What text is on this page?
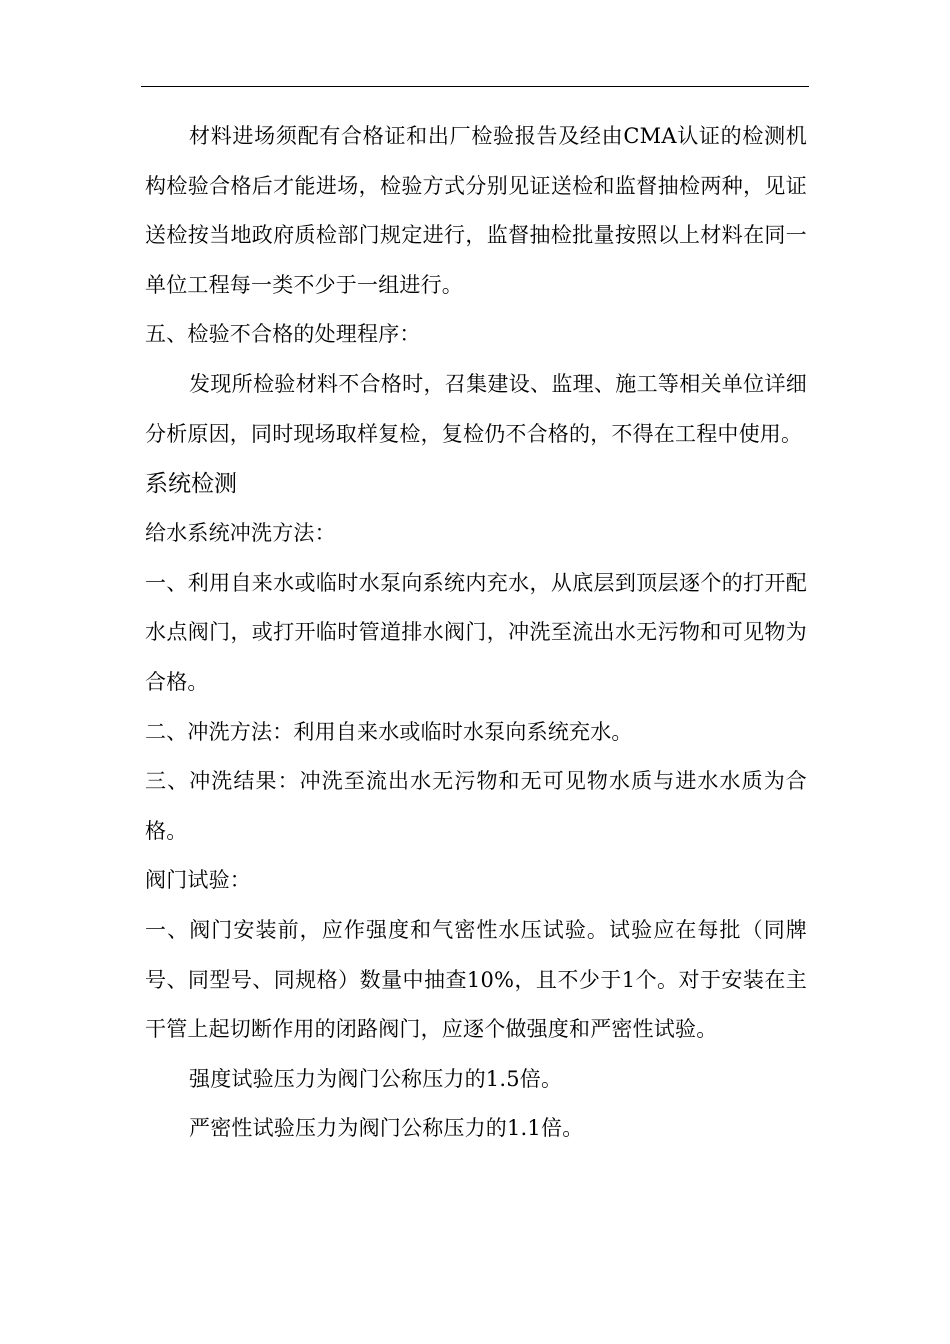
材料进场须配有合格证和出厂检验报告及经由CMA认证的检测机构检验合格后才能进场，检验方式分别见证送检和监督抽检两种，见证送检按当地政府质检部门规定进行，监督抽检批量按照以上材料在同一单位工程每一类不少于一组进行。

五、检验不合格的处理程序：

发现所检验材料不合格时，召集建设、监理、施工等相关单位详细分析原因，同时现场取样复检，复检仍不合格的，不得在工程中使用。

系统检测

给水系统冲洗方法：

一、利用自来水或临时水泵向系统内充水，从底层到顶层逐个的打开配水点阀门，或打开临时管道排水阀门，冲洗至流出水无污物和可见物为合格。

二、冲洗方法：利用自来水或临时水泵向系统充水。

三、冲洗结果：冲洗至流出水无污物和无可见物水质与进水水质为合格。

阀门试验：

一、阀门安装前，应作强度和气密性水压试验。试验应在每批（同牌号、同型号、同规格）数量中抽查10%，且不少于1个。对于安装在主干管上起切断作用的闭路阀门，应逐个做强度和严密性试验。

强度试验压力为阀门公称压力的1.5倍。

严密性试验压力为阀门公称压力的1.1倍。
